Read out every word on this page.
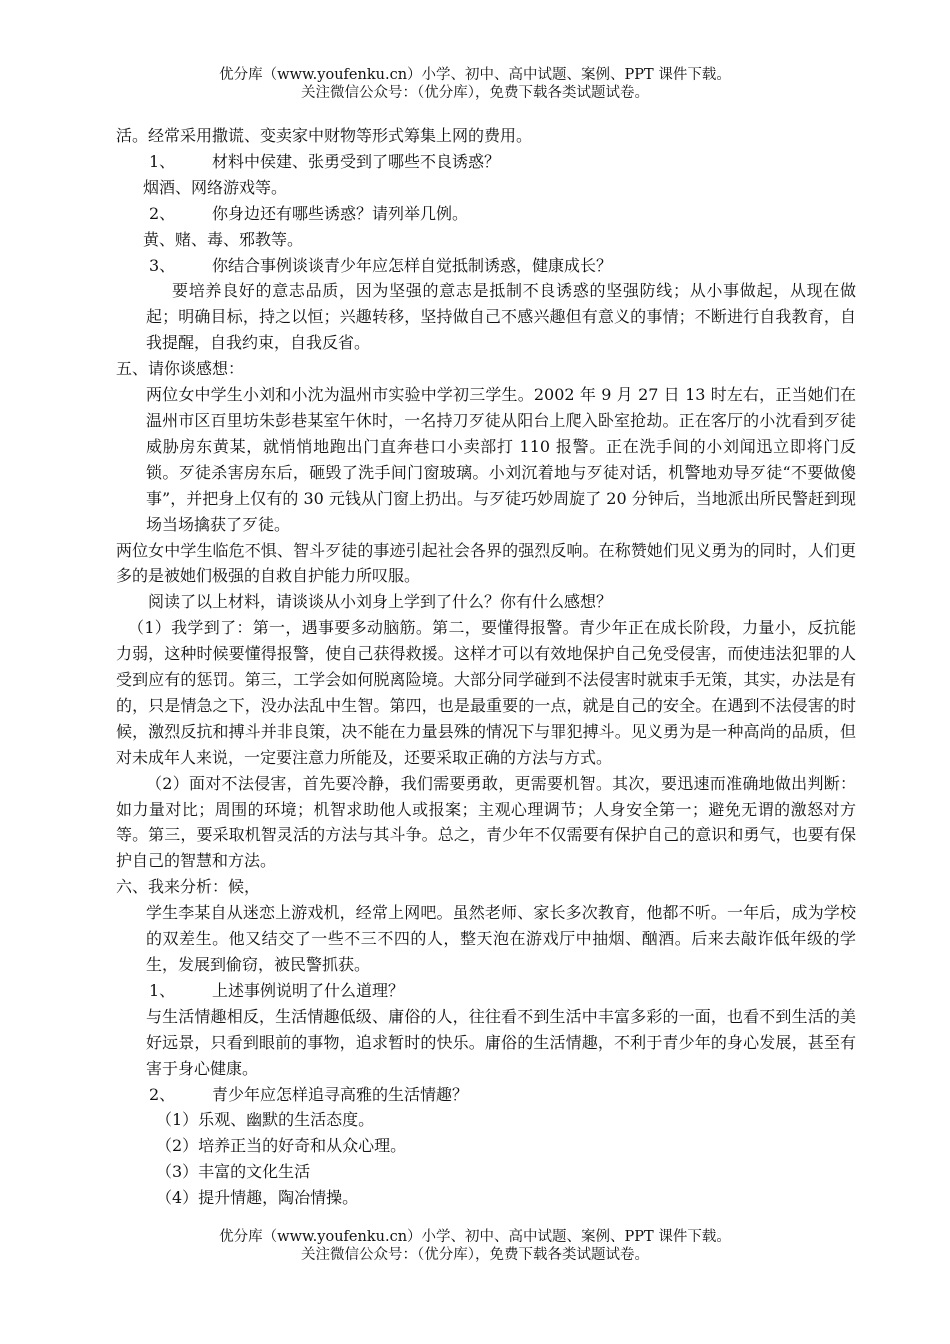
优分库（www.youfenku.cn）小学、初中、高中试题、案例、PPT 课件下载。
关注微信公众号：（优分库），免费下载各类试题试卷。

活。经常采用撒谎、变卖家中财物等形式筹集上网的费用。

1、 材料中侯建、张勇受到了哪些不良诱惑？

烟酒、网络游戏等。

2、 你身边还有哪些诱惑？请列举几例。

黄、赌、毒、邪教等。

3、 你结合事例谈谈青少年应怎样自觉抵制诱惑，健康成长？

要培养良好的意志品质，因为坚强的意志是抵制不良诱惑的坚强防线；从小事做起，从现在做起；明确目标，持之以恒；兴趣转移，坚持做自己不感兴趣但有意义的事情；不断进行自我教育，自我提醒，自我约束，自我反省。

五、请你谈感想：

两位女中学生小刘和小沈为温州市实验中学初三学生。2002 年 9 月 27 日 13 时左右，正当她们在温州市区百里坊朱彭巷某室午休时，一名持刀歹徒从阳台上爬入卧室抢劫。正在客厅的小沈看到歹徒威胁房东黄某，就悄悄地跑出门直奔巷口小卖部打 110 报警。正在洗手间的小刘闻迅立即将门反锁。歹徒杀害房东后，砸毁了洗手间门窗玻璃。小刘沉着地与歹徒对话，机警地劝导歹徒“不要做傻事”，并把身上仅有的 30 元钱从门窗上扔出。与歹徒巧妙周旋了 20 分钟后，当地派出所民警赶到现场当场擒获了歹徒。

两位女中学生临危不惧、智斗歹徒的事迹引起社会各界的强烈反响。在称赞她们见义勇为的同时，人们更多的是被她们极强的自救自护能力所叹服。

阅读了以上材料，请谈谈从小刘身上学到了什么？你有什么感想？

（1）我学到了：第一，遇事要多动脑筋。第二，要懂得报警。青少年正在成长阶段，力量小，反抗能力弱，这种时候要懂得报警，使自己获得救援。这样才可以有效地保护自己免受侵害，而使违法犯罪的人受到应有的惩罚。第三，工学会如何脱离险境。大部分同学碰到不法侵害时就束手无策，其实，办法是有的，只是情急之下，没办法乱中生智。第四，也是最重要的一点，就是自己的安全。在遇到不法侵害的时候，激烈反抗和搏斗并非良策，决不能在力量县殊的情况下与罪犯搏斗。见义勇为是一种高尚的品质，但对未成年人来说，一定要注意力所能及，还要采取正确的方法与方式。

（2）面对不法侵害，首先要冷静，我们需要勇敢，更需要机智。其次，要迅速而准确地做出判断：如力量对比；周围的环境；机智求助他人或报案；主观心理调节；人身安全第一；避免无谓的激怒对方等。第三，要采取机智灵活的方法与其斗争。总之，青少年不仅需要有保护自己的意识和勇气，也要有保护自己的智慧和方法。

六、我来分析：候，

学生李某自从迷恋上游戏机，经常上网吧。虽然老师、家长多次教育，他都不听。一年后，成为学校的双差生。他又结交了一些不三不四的人，整天泡在游戏厅中抽烟、酗酒。后来去敲诈低年级的学生，发展到偷窃，被民警抓获。

1、 上述事例说明了什么道理？

与生活情趣相反，生活情趣低级、庸俗的人，往往看不到生活中丰富多彩的一面，也看不到生活的美好远景，只看到眼前的事物，追求暂时的快乐。庸俗的生活情趣，不利于青少年的身心发展，甚至有害于身心健康。

2、 青少年应怎样追寻高雅的生活情趣？

（1）乐观、幽默的生活态度。

（2）培养正当的好奇和从众心理。

（3）丰富的文化生活

（4）提升情趣，陶冶情操。

优分库（www.youfenku.cn）小学、初中、高中试题、案例、PPT 课件下载。
关注微信公众号：（优分库），免费下载各类试题试卷。
